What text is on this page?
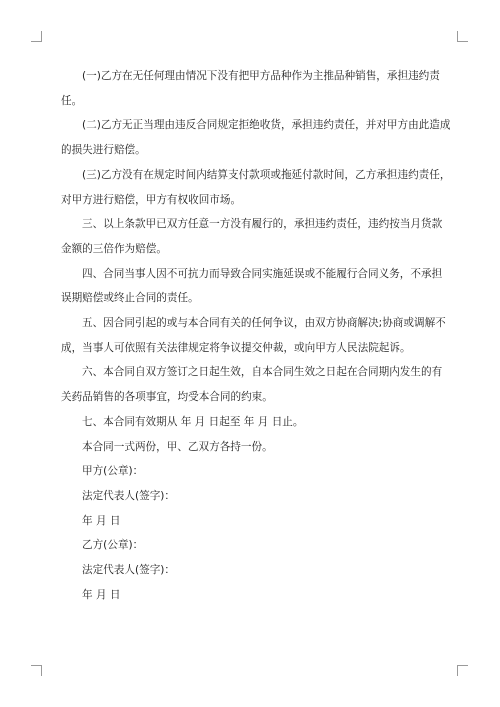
(一)乙方在无任何理由情况下没有把甲方品种作为主推品种销售，承担违约责任。

(二)乙方无正当理由违反合同规定拒绝收货，承担违约责任，并对甲方由此造成的损失进行赔偿。

(三)乙方没有在规定时间内结算支付款项或拖延付款时间，乙方承担违约责任，对甲方进行赔偿，甲方有权收回市场。

三、以上条款甲已双方任意一方没有履行的，承担违约责任，违约按当月货款金额的三倍作为赔偿。

四、合同当事人因不可抗力而导致合同实施延误或不能履行合同义务，不承担误期赔偿或终止合同的责任。

五、因合同引起的或与本合同有关的任何争议，由双方协商解决;协商或调解不成，当事人可依照有关法律规定将争议提交仲裁，或向甲方人民法院起诉。

六、本合同自双方签订之日起生效，自本合同生效之日起在合同期内发生的有关药品销售的各项事宜，均受本合同的约束。

七、本合同有效期从 年 月 日起至 年 月 日止。

本合同一式两份，甲、乙双方各持一份。

甲方(公章)：

法定代表人(签字)：

年 月 日

乙方(公章)：

法定代表人(签字)：

年 月 日
